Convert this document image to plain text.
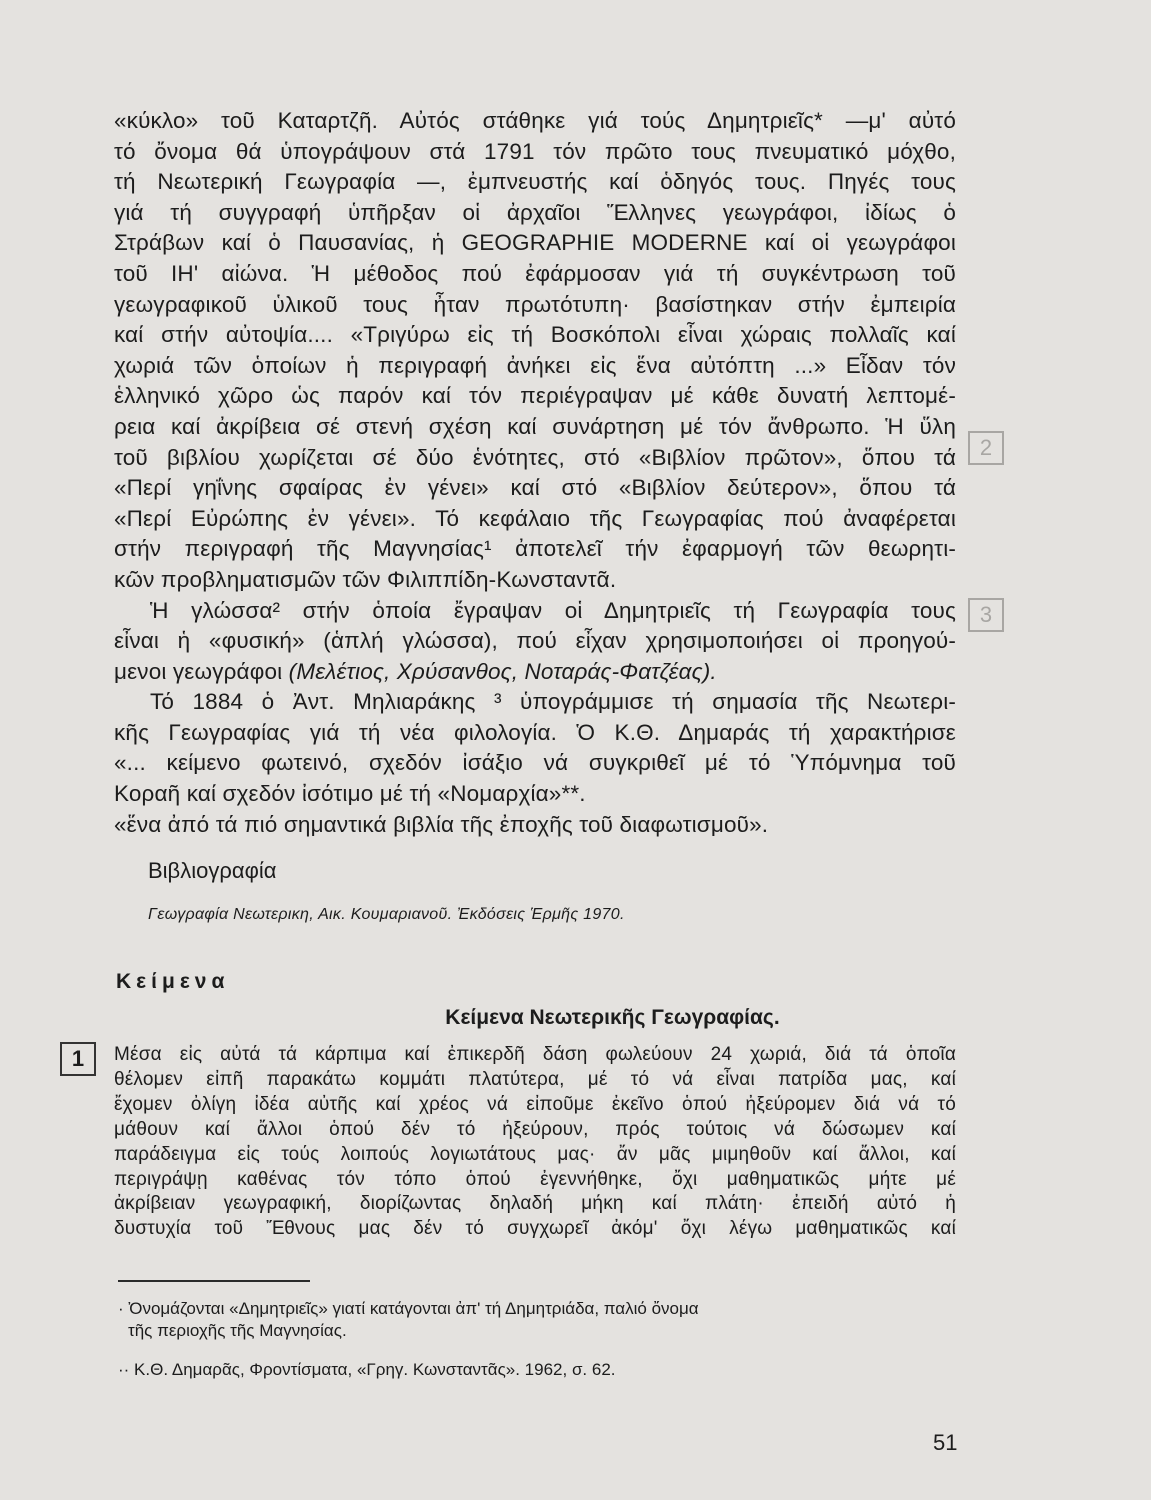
«κύκλο» τοῦ Καταρτζῆ. Αὐτός στάθηκε γιά τούς Δημητριεῖς* —μ' αὐτό

τό ὄνομα θά ὑπογράψουν στά 1791 τόν πρῶτο τους πνευματικό μόχθο,

τή Νεωτερική Γεωγραφία —, ἐμπνευστής καί ὁδηγός τους. Πηγές τους

γιά τή συγγραφή ὑπῆρξαν οἱ ἀρχαῖοι Ἕλληνες γεωγράφοι, ἰδίως ὁ

Στράβων καί ὁ Παυσανίας, ἡ GEOGRAPHIE MODERNE καί οἱ γεωγράφοι

τοῦ ΙΗ' αἰώνα. Ἡ μέθοδος πού ἐφάρμοσαν γιά τή συγκέντρωση τοῦ

γεωγραφικοῦ ὑλικοῦ τους ἦταν πρωτότυπη· βασίστηκαν στήν ἐμπειρία

καί στήν αὐτοψία.... «Τριγύρω εἰς τή Βοσκόπολι εἶναι χώραις πολλαῖς καί

χωριά τῶν ὁποίων ἡ περιγραφή ἀνήκει εἰς ἕνα αὐτόπτη ...» Εἶδαν τόν

ἑλληνικό χῶρο ὡς παρόν καί τόν περιέγραψαν μέ κάθε δυνατή λεπτομέ-

ρεια καί ἀκρίβεια σέ στενή σχέση καί συνάρτηση μέ τόν ἄνθρωπο. Ἡ ὕλη

τοῦ βιβλίου χωρίζεται σέ δύο ἑνότητες, στό «Βιβλίον πρῶτον», ὅπου τά

«Περί γηΐνης σφαίρας ἐν γένει» καί στό «Βιβλίον δεύτερον», ὅπου τά

«Περί Εὐρώπης ἐν γένει». Τό κεφάλαιο τῆς Γεωγραφίας πού ἀναφέρεται

στήν περιγραφή τῆς Μαγνησίας¹ ἀποτελεῖ τήν ἐφαρμογή τῶν θεωρητι-

κῶν προβληματισμῶν τῶν Φιλιππίδη-Κωνσταντᾶ.

Ἡ γλώσσα² στήν ὁποία ἔγραψαν οἱ Δημητριεῖς τή Γεωγραφία τους

εἶναι ἡ «φυσική» (ἁπλή γλώσσα), πού εἶχαν χρησιμοποιήσει οἱ προηγού-

μενοι γεωγράφοι (Μελέτιος, Χρύσανθος, Νοταράς-Φατζέας).

Τό 1884 ὁ Ἀντ. Μηλιαράκης ³ ὑπογράμμισε τή σημασία τῆς Νεωτερι-

κῆς Γεωγραφίας γιά τή νέα φιλολογία. Ὁ Κ.Θ. Δημαράς τή χαρακτήρισε

«... κείμενο φωτεινό, σχεδόν ἰσάξιο νά συγκριθεῖ μέ τό Ὑπόμνημα τοῦ

Κοραῆ καί σχεδόν ἰσότιμο μέ τή «Νομαρχία»**.

«ἕνα ἀπό τά πιό σημαντικά βιβλία τῆς ἐποχῆς τοῦ διαφωτισμοῦ».

2
3
Βιβλιογραφία
Γεωγραφία Νεωτερικη, Αικ. Κουμαριανοῦ. Ἐκδόσεις Ἑρμῆς 1970.
Κείμενα
Κείμενα Νεωτερικῆς Γεωγραφίας.
1	Μέσα εἰς αὐτά τά κάρπιμα καί ἐπικερδῆ δάση φωλεύουν 24 χωριά, διά τά ὁποῖα

θέλομεν εἰπῆ παρακάτω κομμάτι πλατύτερα, μέ τό νά εἶναι πατρίδα μας, καί

ἔχομεν ὀλίγη ἰδέα αὐτῆς καί χρέος νά εἰποῦμε ἐκεῖνο ὁπού ἠξεύρομεν διά νά τό

μάθουν καί ἄλλοι ὁπού δέν τό ἠξεύρουν, πρός τούτοις νά δώσωμεν καί

παράδειγμα εἰς τούς λοιπούς λογιωτάτους μας· ἄν μᾶς μιμηθοῦν καί ἄλλοι, καί

περιγράψῃ καθένας τόν τόπο ὁπού ἐγεννήθηκε, ὄχι μαθηματικῶς μήτε μέ

ἀκρίβειαν γεωγραφική, διορίζωντας δηλαδή μήκη καί πλάτη· ἐπειδή αὐτό ἡ

δυστυχία τοῦ Ἔθνους μας δέν τό συγχωρεῖ ἀκόμ' ὄχι λέγω μαθηματικῶς καί

· Ὀνομάζονται «Δημητριεῖς» γιατί κατάγονται ἀπ' τή Δημητριάδα, παλιό ὄνομα
τῆς περιοχῆς τῆς Μαγνησίας.

·· Κ.Θ. Δημαρᾶς, Φροντίσματα, «Γρηγ. Κωνσταντᾶς». 1962, σ. 62.

51
